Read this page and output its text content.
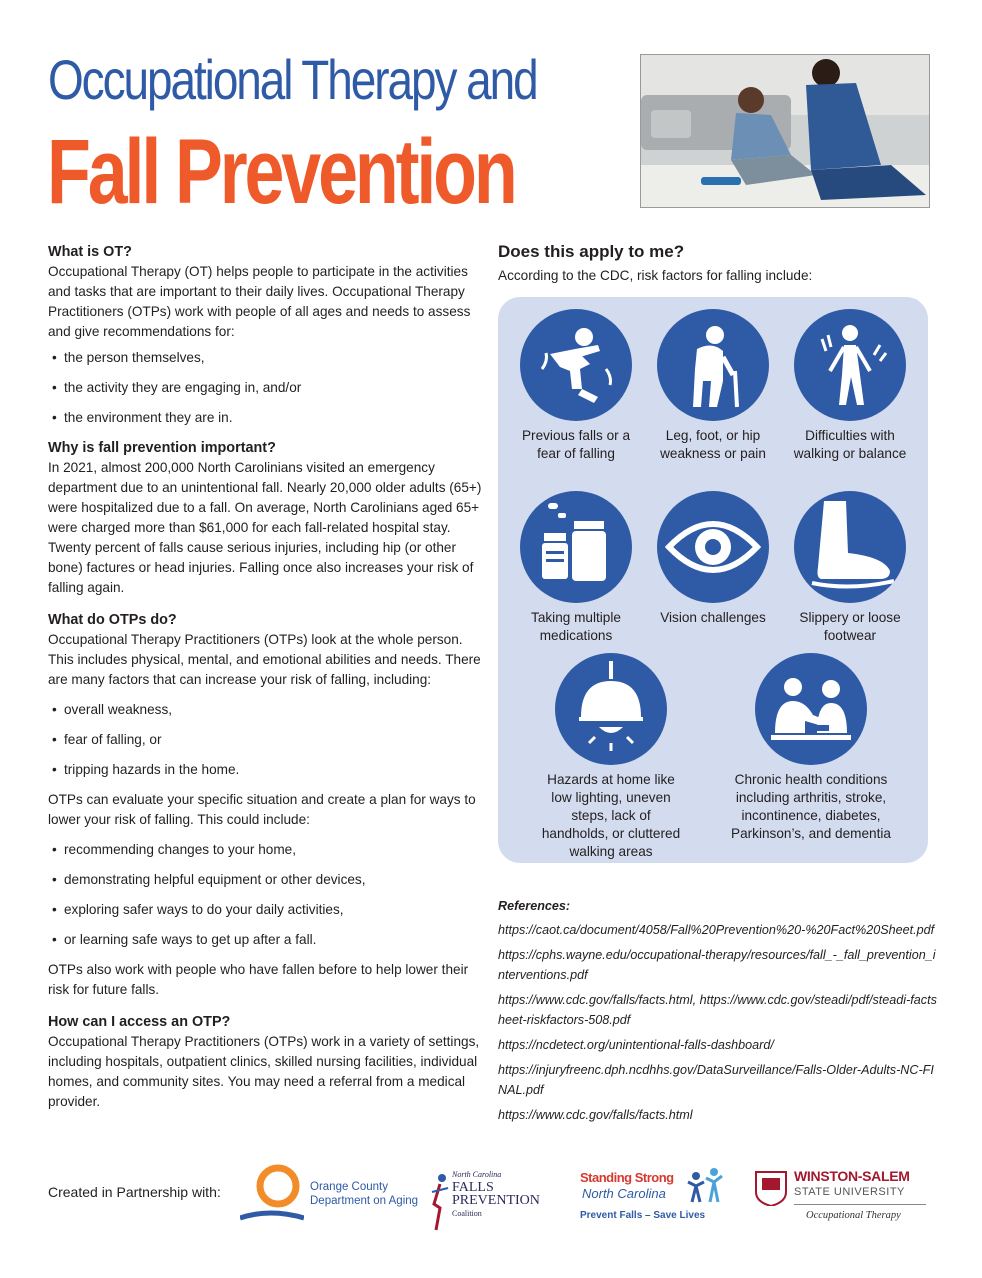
Occupational Therapy and
Fall Prevention
What is OT?

Occupational Therapy (OT) helps people to participate in the activities and tasks that are important to their daily lives. Occupational Therapy Practitioners (OTPs) work with people of all ages and needs to assess and give recommendations for:

• the person themselves,
• the activity they are engaging in, and/or
• the environment they are in.
Why is fall prevention important?

In 2021, almost 200,000 North Carolinians visited an emergency department due to an unintentional fall. Nearly 20,000 older adults (65+) were hospitalized due to a fall. On average, North Carolinians aged 65+ were charged more than $61,000 for each fall-related hospital stay. Twenty percent of falls cause serious injuries, including hip (or other bone) factures or head injuries. Falling once also increases your risk of falling again.

What do OTPs do?

Occupational Therapy Practitioners (OTPs) look at the whole person. This includes physical, mental, and emotional abilities and needs. There are many factors that can increase your risk of falling, including:

• overall weakness,
• fear of falling, or
• tripping hazards in the home.

OTPs can evaluate your specific situation and create a plan for ways to lower your risk of falling. This could include:

• recommending changes to your home,
• demonstrating helpful equipment or other devices,
• exploring safer ways to do your daily activities,
• or learning safe ways to get up after a fall.

OTPs also work with people who have fallen before to help lower their risk for future falls.

How can I access an OTP?

Occupational Therapy Practitioners (OTPs) work in a variety of settings, including hospitals, outpatient clinics, skilled nursing facilities, individual homes, and community sites. You may need a referral from a medical provider.

Does this apply to me?
According to the CDC, risk factors for falling include:
Previous falls or a fear of falling
Leg, foot, or hip weakness or pain
Difficulties with walking or balance
Taking multiple medications
Vision challenges	Slippery or loose footwear
Hazards at home like low lighting, uneven steps, lack of handholds, or cluttered walking areas
Chronic health conditions including arthritis, stroke, incontinence, diabetes, Parkinson’s, and dementia
References:
https://caot.ca/document/4058/Fall%20Prevention%20-%20Fact%20Sheet.pdf
https://cphs.wayne.edu/occupational-therapy/resources/fall_-_fall_prevention_interventions.pdf
https://www.cdc.gov/falls/facts.html, https://www.cdc.gov/steadi/pdf/steadi-factsheet-riskfactors-508.pdf
https://ncdetect.org/unintentional-falls-dashboard/
https://injuryfreenc.dph.ncdhhs.gov/DataSurveillance/Falls-Older-Adults-NC-FINAL.pdf
https://www.cdc.gov/falls/facts.html
Created in Partnership with:	Orange County
Department on Aging
North Carolina
FALLS
PREVENTION
Coalition
Standing Strong
North Carolina
Prevent Falls – Save Lives
WINSTON-SALEM
STATE UNIVERSITY
Occupational Therapy
